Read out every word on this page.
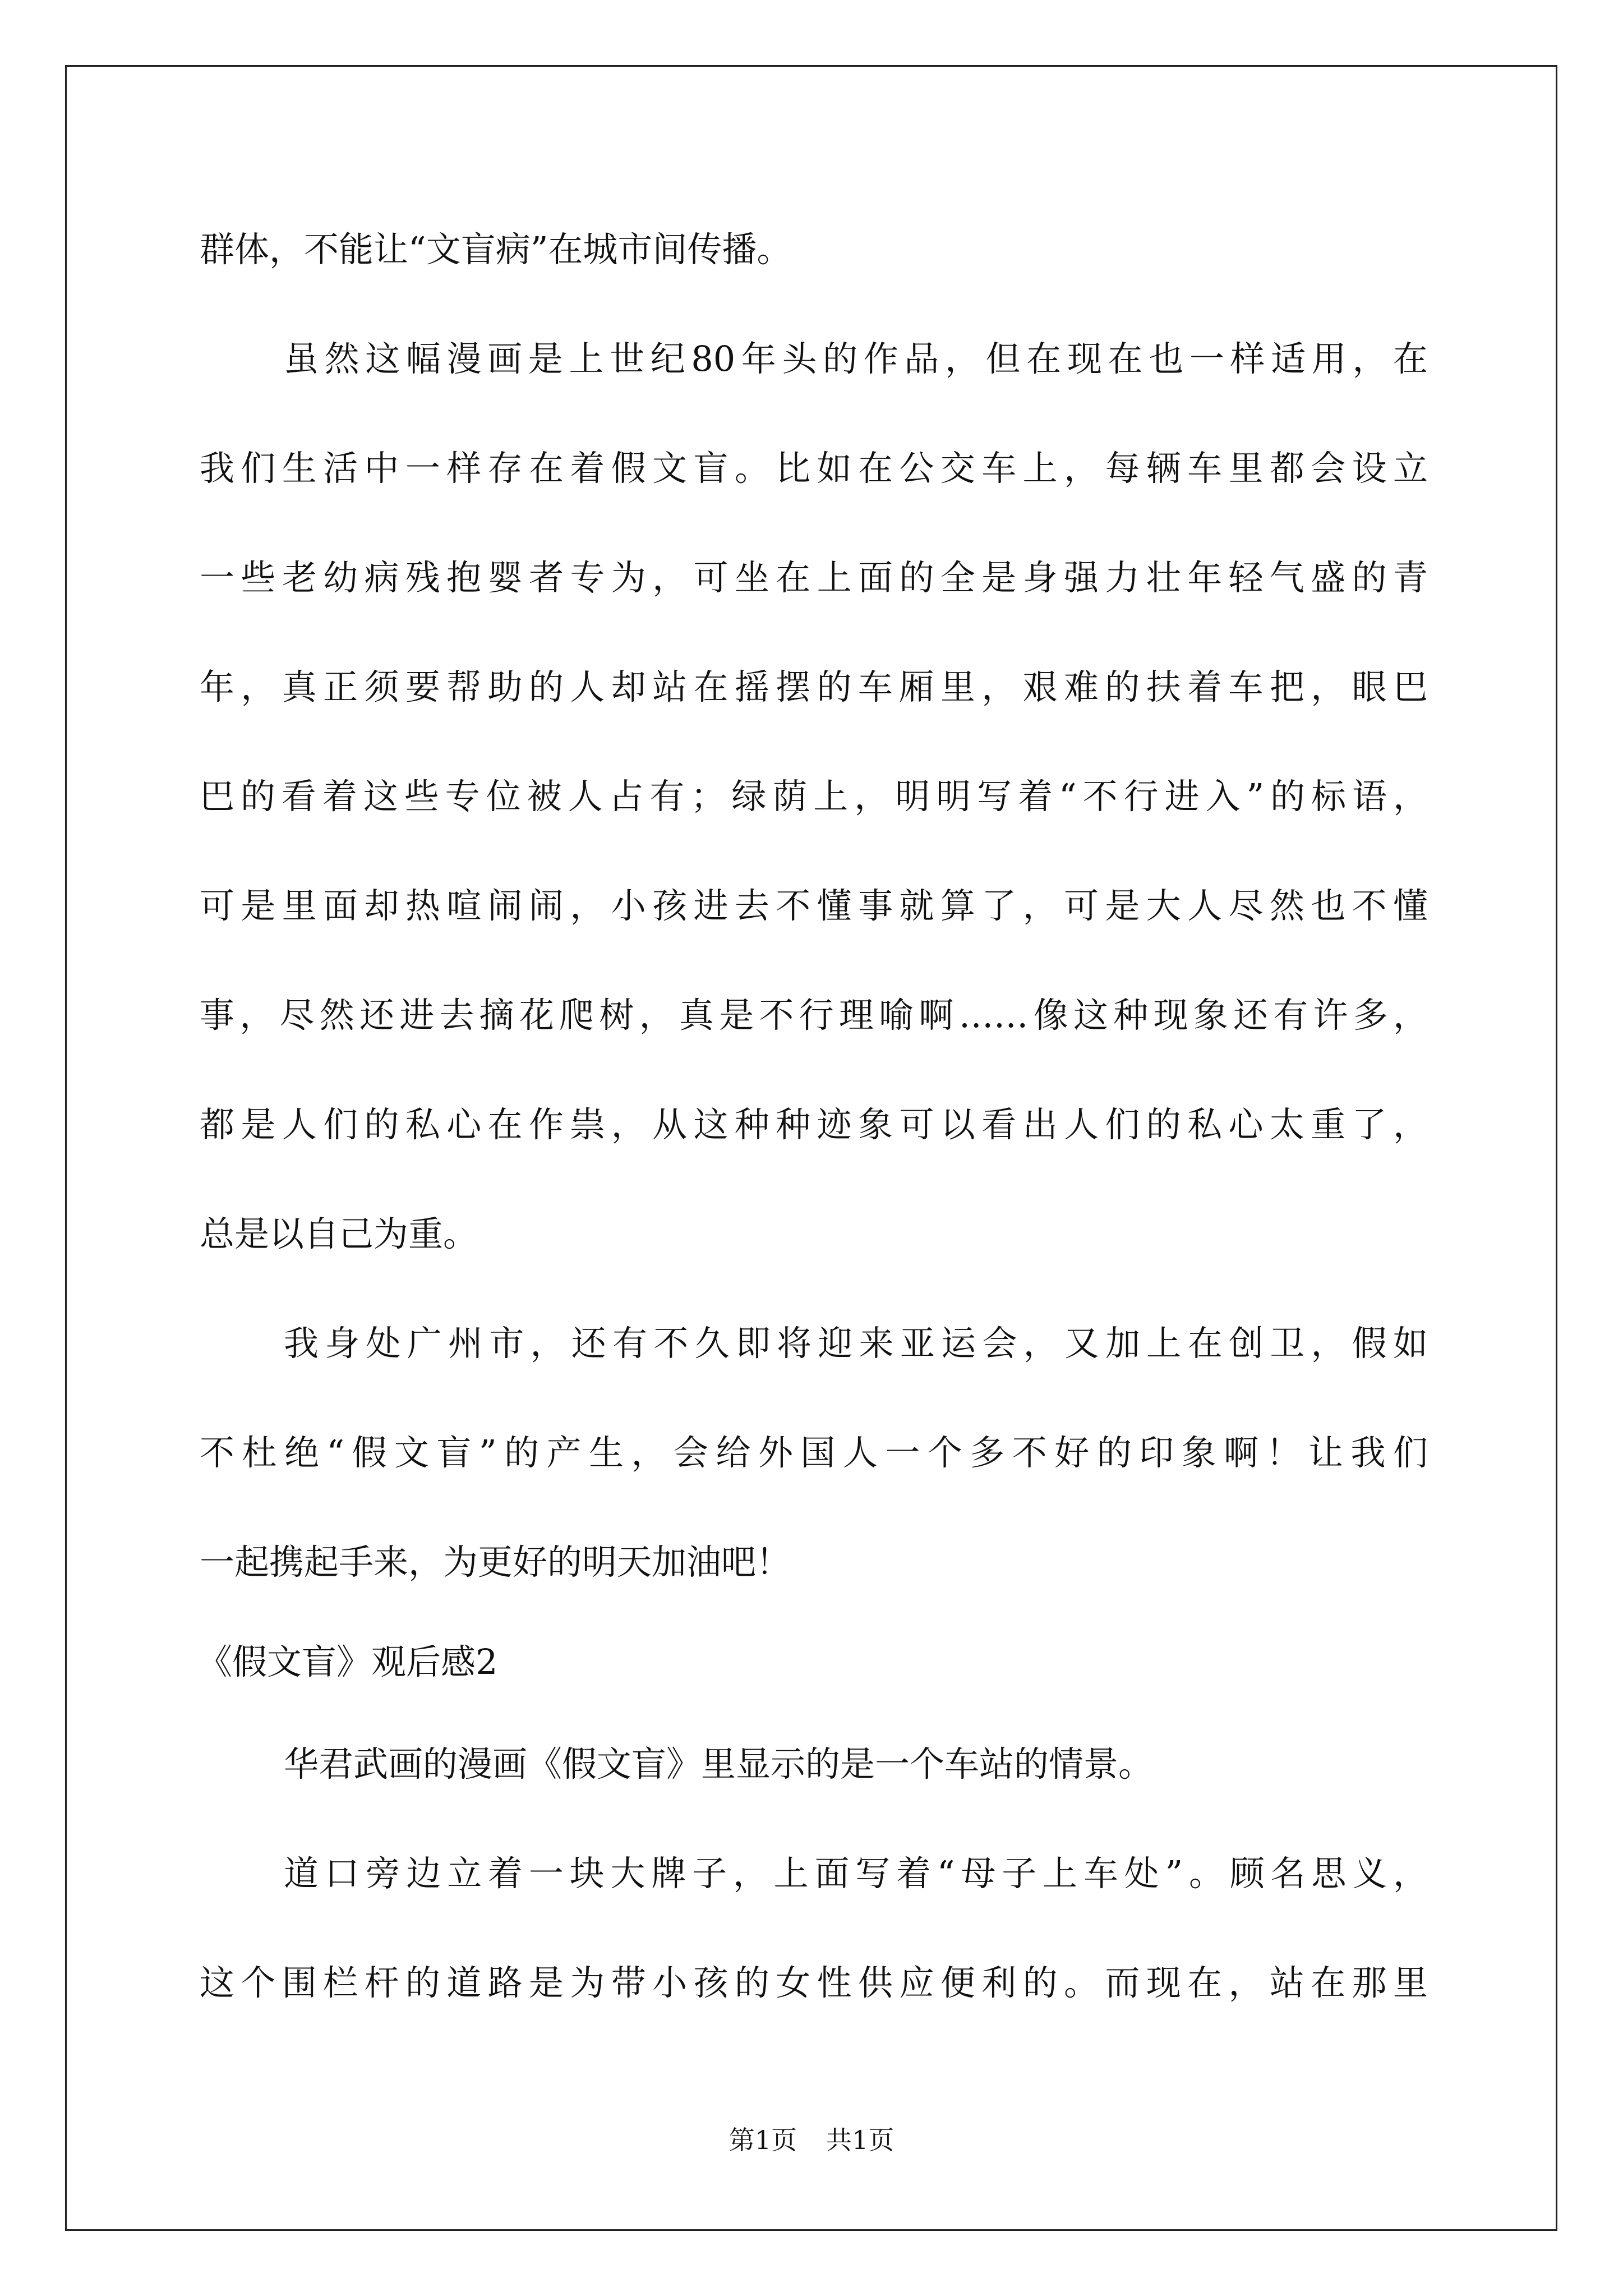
群体，不能让“文盲病”在城市间传播。
虽然这幅漫画是上世纪80年头的作品，但在现在也一样适用，在
我们生活中一样存在着假文盲。比如在公交车上，每辆车里都会设立
一些老幼病残抱婴者专为，可坐在上面的全是身强力壮年轻气盛的青
年，真正须要帮助的人却站在摇摆的车厢里，艰难的扶着车把，眼巴
巴的看着这些专位被人占有；绿荫上，明明写着“不行进入”的标语，
可是里面却热喧闹闹，小孩进去不懂事就算了，可是大人尽然也不懂
事，尽然还进去摘花爬树，真是不行理喻啊……像这种现象还有许多，
都是人们的私心在作祟，从这种种迹象可以看出人们的私心太重了，
总是以自己为重。
我身处广州市，还有不久即将迎来亚运会，又加上在创卫，假如
不杜绝“假文盲”的产生，会给外国人一个多不好的印象啊！让我们
一起携起手来，为更好的明天加油吧！
《假文盲》观后感2
华君武画的漫画《假文盲》里显示的是一个车站的情景。
道口旁边立着一块大牌子，上面写着“母子上车处”。顾名思义，
这个围栏杆的道路是为带小孩的女性供应便利的。而现在，站在那里
第1页 共1页
